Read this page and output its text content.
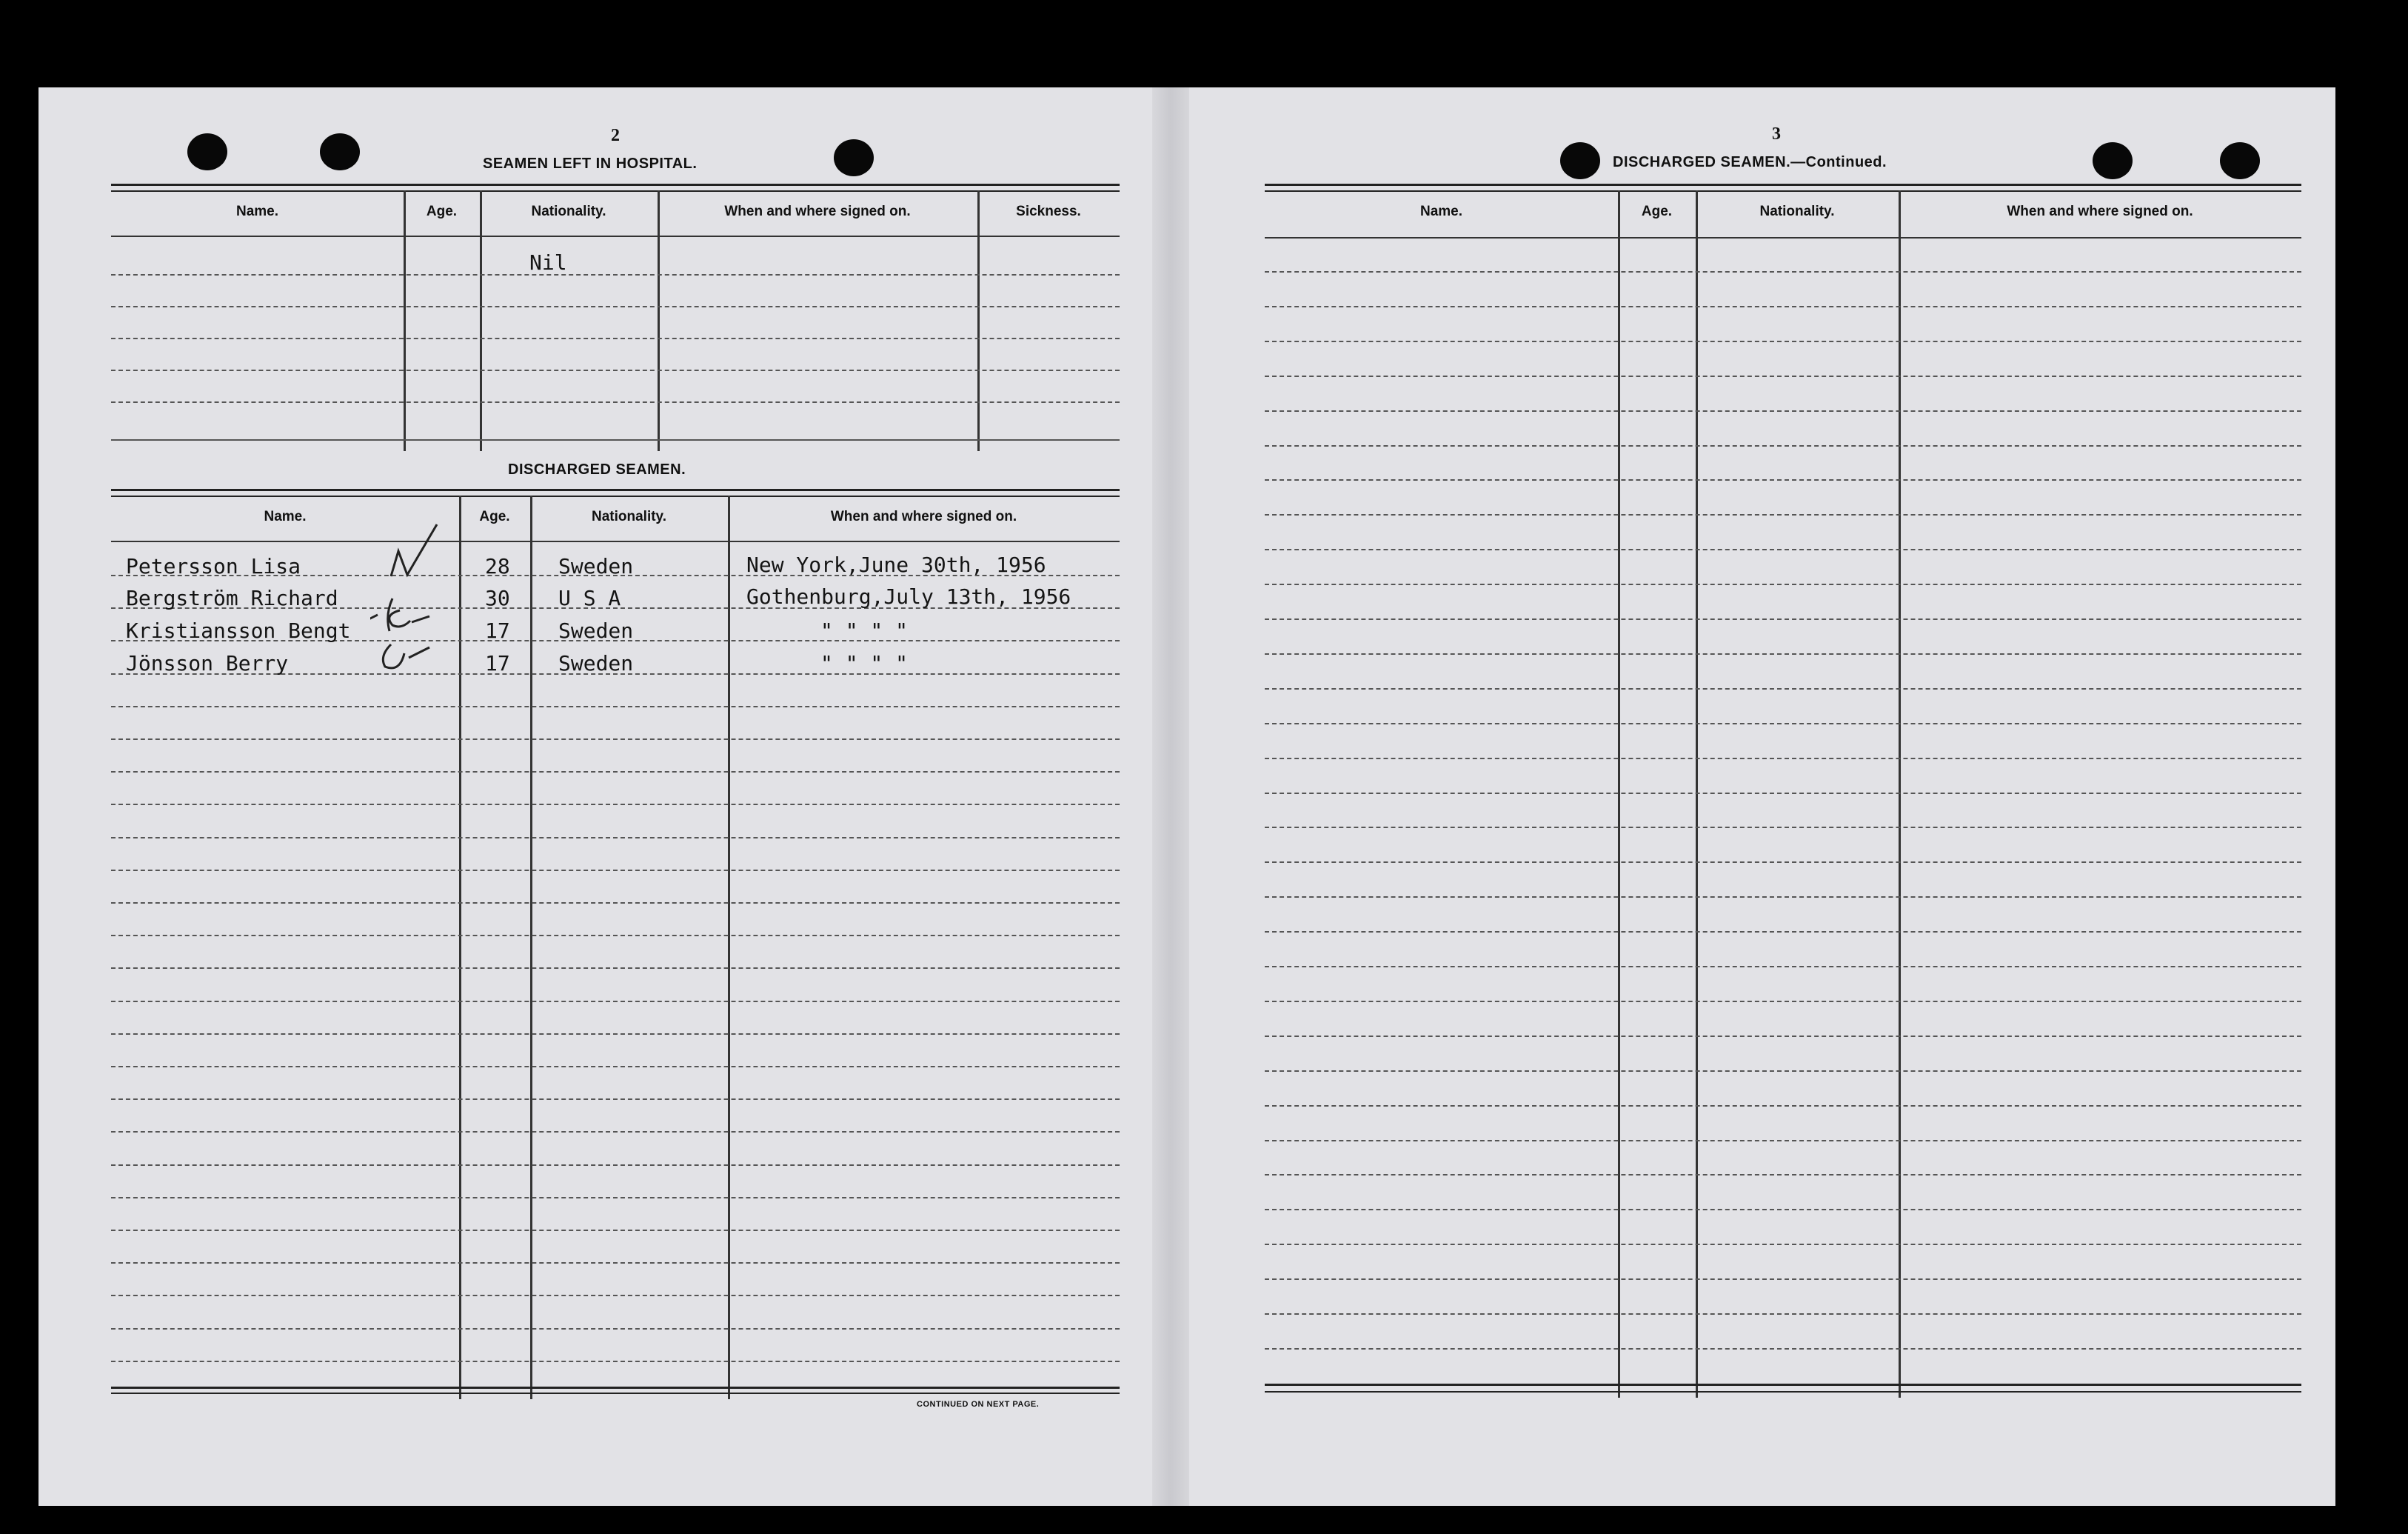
2
SEAMEN LEFT IN HOSPITAL.
Name.	Age.	Nationality.	When and where signed on.	Sickness.
Nil
DISCHARGED SEAMEN.
Name.	Age.	Nationality.	When and where signed on.
Petersson Lisa	28 Sweden	New York,June 30th, 1956
Bergström Richard	30 U S A	Gothenburg,July 13th, 1956
Kristiansson Bengt	17 Sweden	" " " "
Jönsson Berry	17 Sweden	" " " "
CONTINUED ON NEXT PAGE.
3
DISCHARGED SEAMEN.—Continued.
Name.	Age.	Nationality.	When and where signed on.
